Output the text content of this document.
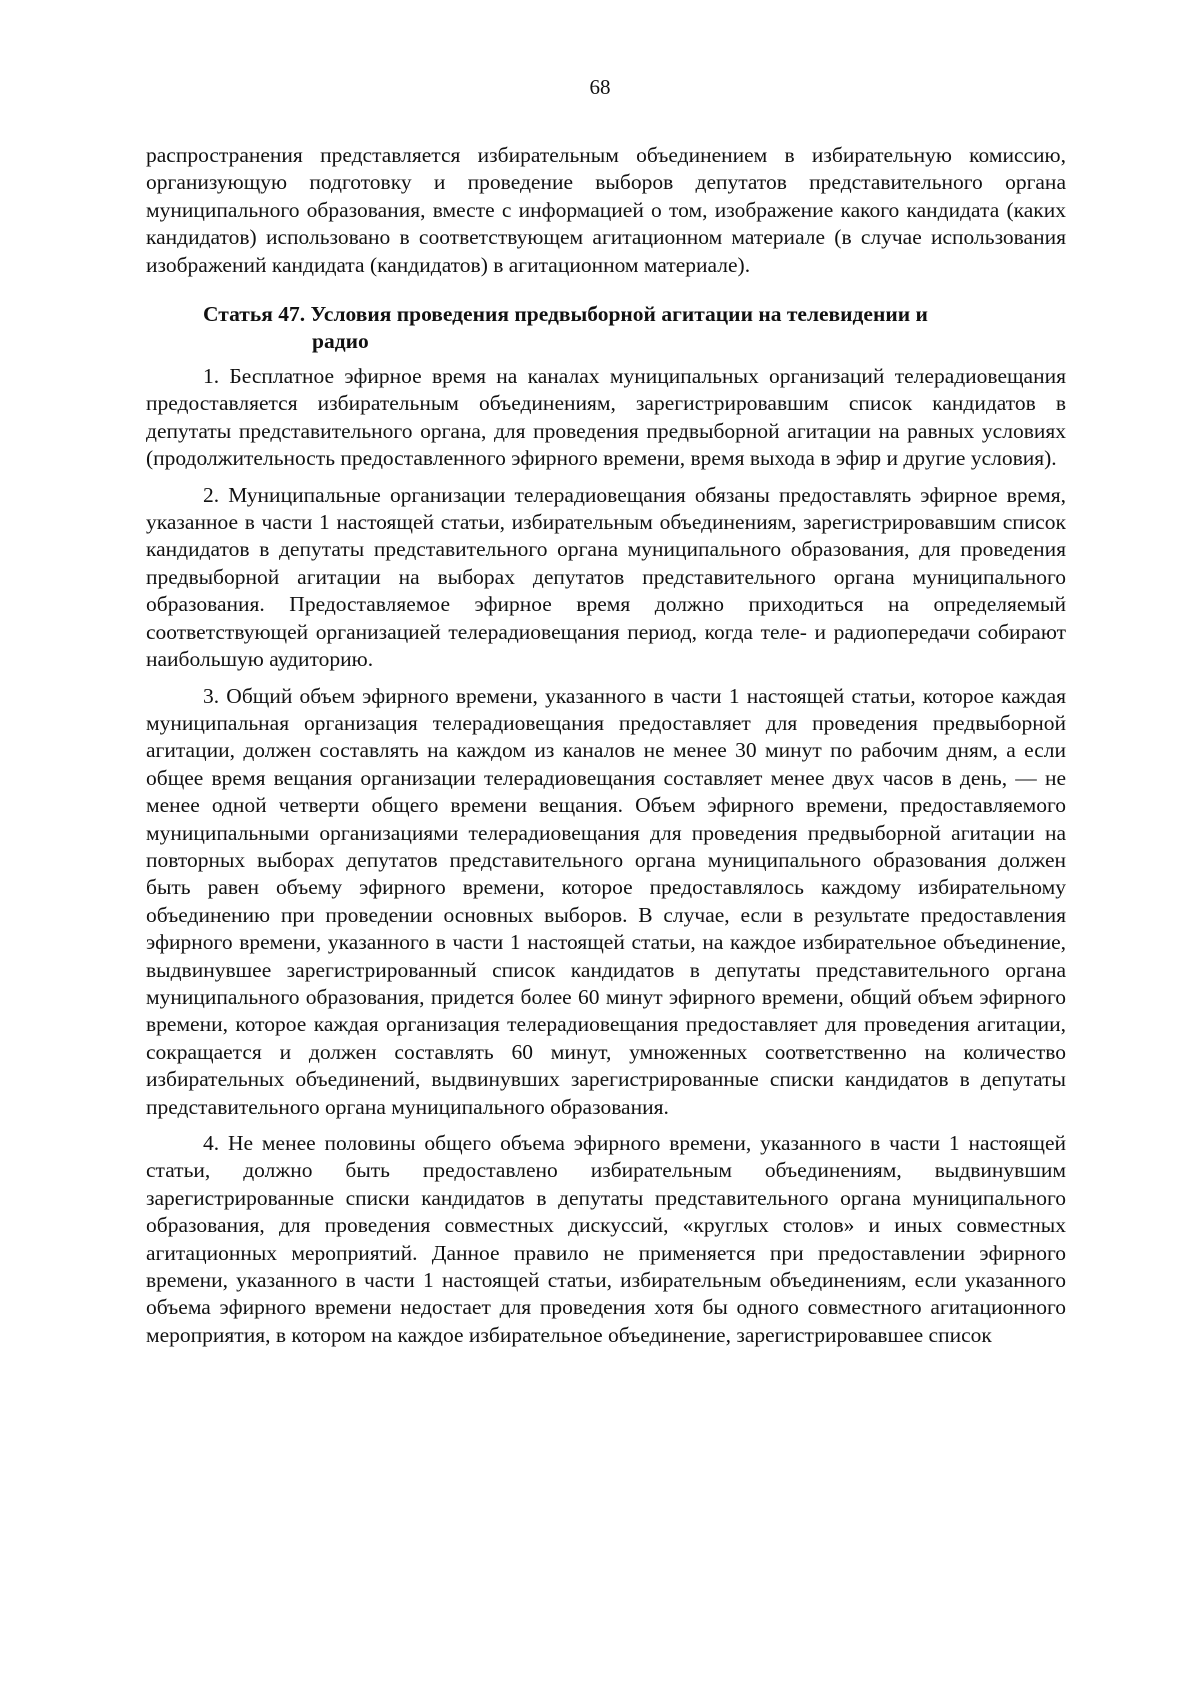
68

распространения представляется избирательным объединением в избирательную комиссию, организующую подготовку и проведение выборов депутатов представительного органа муниципального образования, вместе с информацией о том, изображение какого кандидата (каких кандидатов) использовано в соответствующем агитационном материале (в случае использования изображений кандидата (кандидатов) в агитационном материале).

Статья 47. Условия проведения предвыборной агитации на телевидении и
радио

1. Бесплатное эфирное время на каналах муниципальных организаций телерадиовещания предоставляется избирательным объединениям, зарегистрировавшим список кандидатов в депутаты представительного органа, для проведения предвыборной агитации на равных условиях (продолжительность предоставленного эфирного времени, время выхода в эфир и другие условия).

2. Муниципальные организации телерадиовещания обязаны предоставлять эфирное время, указанное в части 1 настоящей статьи, избирательным объединениям, зарегистрировавшим список кандидатов в депутаты представительного органа муниципального образования, для проведения предвыборной агитации на выборах депутатов представительного органа муниципального образования. Предоставляемое эфирное время должно приходиться на определяемый соответствующей организацией телерадиовещания период, когда теле- и радиопередачи собирают наибольшую аудиторию.

3. Общий объем эфирного времени, указанного в части 1 настоящей статьи, которое каждая муниципальная организация телерадиовещания предоставляет для проведения предвыборной агитации, должен составлять на каждом из каналов не менее 30 минут по рабочим дням, а если общее время вещания организации телерадиовещания составляет менее двух часов в день, — не менее одной четверти общего времени вещания. Объем эфирного времени, предоставляемого муниципальными организациями телерадиовещания для проведения предвыборной агитации на повторных выборах депутатов представительного органа муниципального образования должен быть равен объему эфирного времени, которое предоставлялось каждому избирательному объединению при проведении основных выборов. В случае, если в результате предоставления эфирного времени, указанного в части 1 настоящей статьи, на каждое избирательное объединение, выдвинувшее зарегистрированный список кандидатов в депутаты представительного органа муниципального образования, придется более 60 минут эфирного времени, общий объем эфирного времени, которое каждая организация телерадиовещания предоставляет для проведения агитации, сокращается и должен составлять 60 минут, умноженных соответственно на количество избирательных объединений, выдвинувших зарегистрированные списки кандидатов в депутаты представительного органа муниципального образования.

4. Не менее половины общего объема эфирного времени, указанного в части 1 настоящей статьи, должно быть предоставлено избирательным объединениям, выдвинувшим зарегистрированные списки кандидатов в депутаты представительного органа муниципального образования, для проведения совместных дискуссий, «круглых столов» и иных совместных агитационных мероприятий. Данное правило не применяется при предоставлении эфирного времени, указанного в части 1 настоящей статьи, избирательным объединениям, если указанного объема эфирного времени недостает для проведения хотя бы одного совместного агитационного мероприятия, в котором на каждое избирательное объединение, зарегистрировавшее список
